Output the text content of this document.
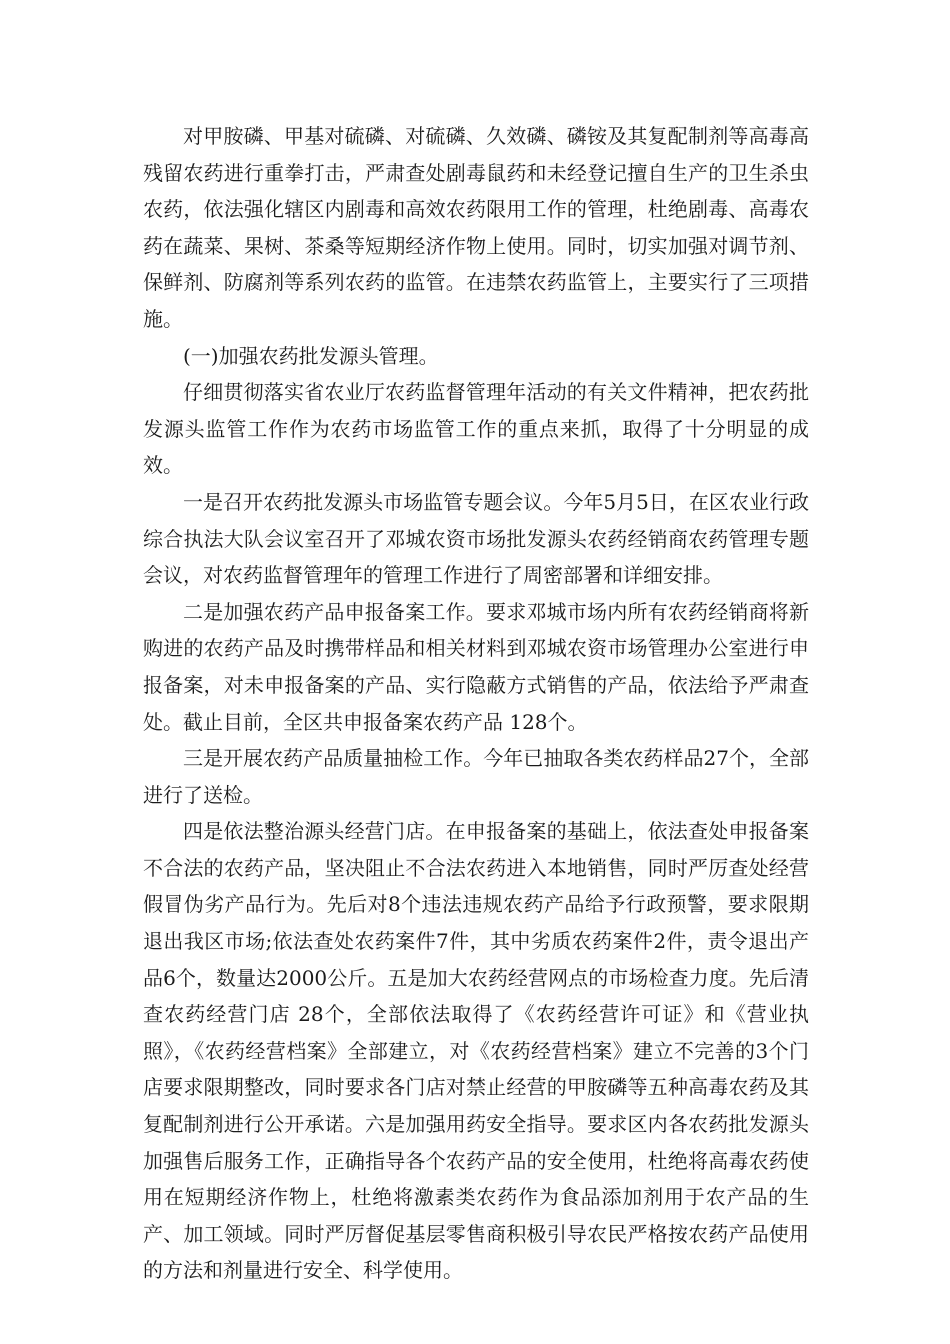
对甲胺磷、甲基对硫磷、对硫磷、久效磷、磷铵及其复配制剂等高毒高残留农药进行重拳打击，严肃查处剧毒鼠药和未经登记擅自生产的卫生杀虫农药，依法强化辖区内剧毒和高效农药限用工作的管理，杜绝剧毒、高毒农药在蔬菜、果树、茶桑等短期经济作物上使用。同时，切实加强对调节剂、保鲜剂、防腐剂等系列农药的监管。在违禁农药监管上，主要实行了三项措施。

(一)加强农药批发源头管理。

仔细贯彻落实省农业厅农药监督管理年活动的有关文件精神，把农药批发源头监管工作作为农药市场监管工作的重点来抓，取得了十分明显的成效。

一是召开农药批发源头市场监管专题会议。今年5月5日，在区农业行政综合执法大队会议室召开了邓城农资市场批发源头农药经销商农药管理专题会议，对农药监督管理年的管理工作进行了周密部署和详细安排。

二是加强农药产品申报备案工作。要求邓城市场内所有农药经销商将新购进的农药产品及时携带样品和相关材料到邓城农资市场管理办公室进行申报备案，对未申报备案的产品、实行隐蔽方式销售的产品，依法给予严肃查处。截止目前，全区共申报备案农药产品 128个。

三是开展农药产品质量抽检工作。今年已抽取各类农药样品27个，全部进行了送检。

四是依法整治源头经营门店。在申报备案的基础上，依法查处申报备案不合法的农药产品，坚决阻止不合法农药进入本地销售，同时严厉查处经营假冒伪劣产品行为。先后对8个违法违规农药产品给予行政预警，要求限期退出我区市场;依法查处农药案件7件，其中劣质农药案件2件，责令退出产品6个，数量达2000公斤。五是加大农药经营网点的市场检查力度。先后清查农药经营门店 28个，全部依法取得了《农药经营许可证》和《营业执照》，《农药经营档案》全部建立，对《农药经营档案》建立不完善的3个门店要求限期整改，同时要求各门店对禁止经营的甲胺磷等五种高毒农药及其复配制剂进行公开承诺。六是加强用药安全指导。要求区内各农药批发源头加强售后服务工作，正确指导各个农药产品的安全使用，杜绝将高毒农药使用在短期经济作物上，杜绝将激素类农药作为食品添加剂用于农产品的生产、加工领域。同时严厉督促基层零售商积极引导农民严格按农药产品使用的方法和剂量进行安全、科学使用。
